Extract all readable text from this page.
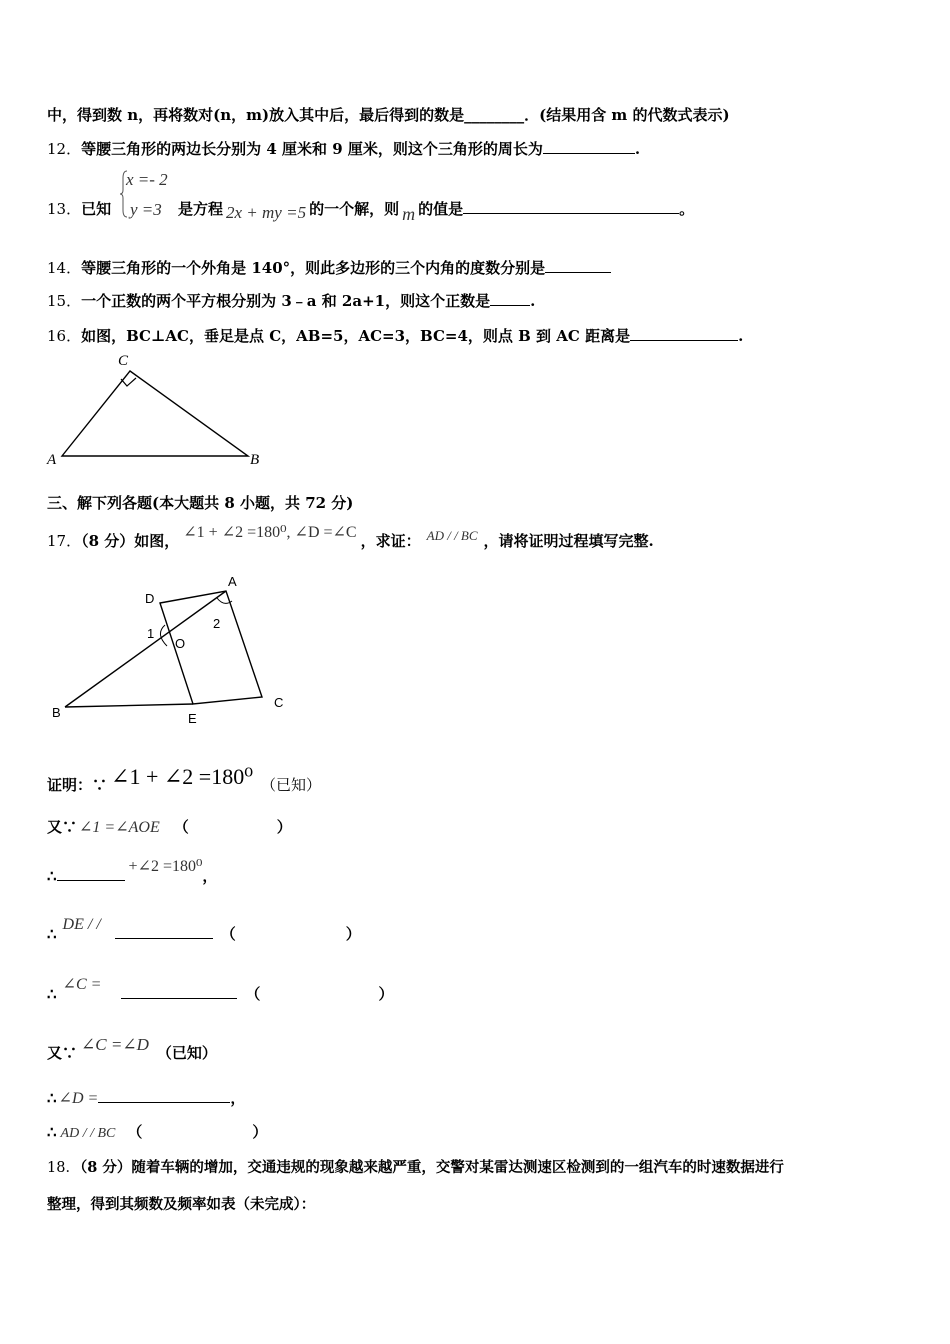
中，得到数 n，再将数对(n，m)放入其中后，最后得到的数是________．(结果用含 m 的代数式表示)
12．等腰三角形的两边长分别为 4 厘米和 9 厘米，则这个三角形的周长为	.
13．已知
x =- 2
y =3 是方程 2x + my =5 的一个解，则 m 的值是	。
14．等腰三角形的一个外角是 140°，则此多边形的三个内角的度数分别是
15．一个正数的两个平方根分别为 3﹣a 和 2a+1，则这个正数是	.
16．如图，BC⊥AC，垂足是点 C，AB=5，AC=3，BC=4，则点 B 到 AC 距离是	.
A	B
C
三、解下列各题(本大题共 8 小题，共 72 分)
17．（8 分）如图， ∠1 + ∠2 =180⁰, ∠D =∠C ，求证： AD / / BC ，请将证明过程填写完整.
A
D
O
1
2
B	E
C
证明：∵ ∠1 + ∠2 =180⁰ （已知）
又∵ ∠1 =∠AOE （	）
∴+∠2 =180⁰，
∴DE / /（	）
∴∠C =（	）
又∵ ∠C =∠D （已知）
∴ ∠D =	，
∴ AD / / BC （	）
18．（8 分）随着车辆的增加，交通违规的现象越来越严重，交警对某雷达测速区检测到的一组汽车的时速数据进行
整理，得到其频数及频率如表（未完成）：
